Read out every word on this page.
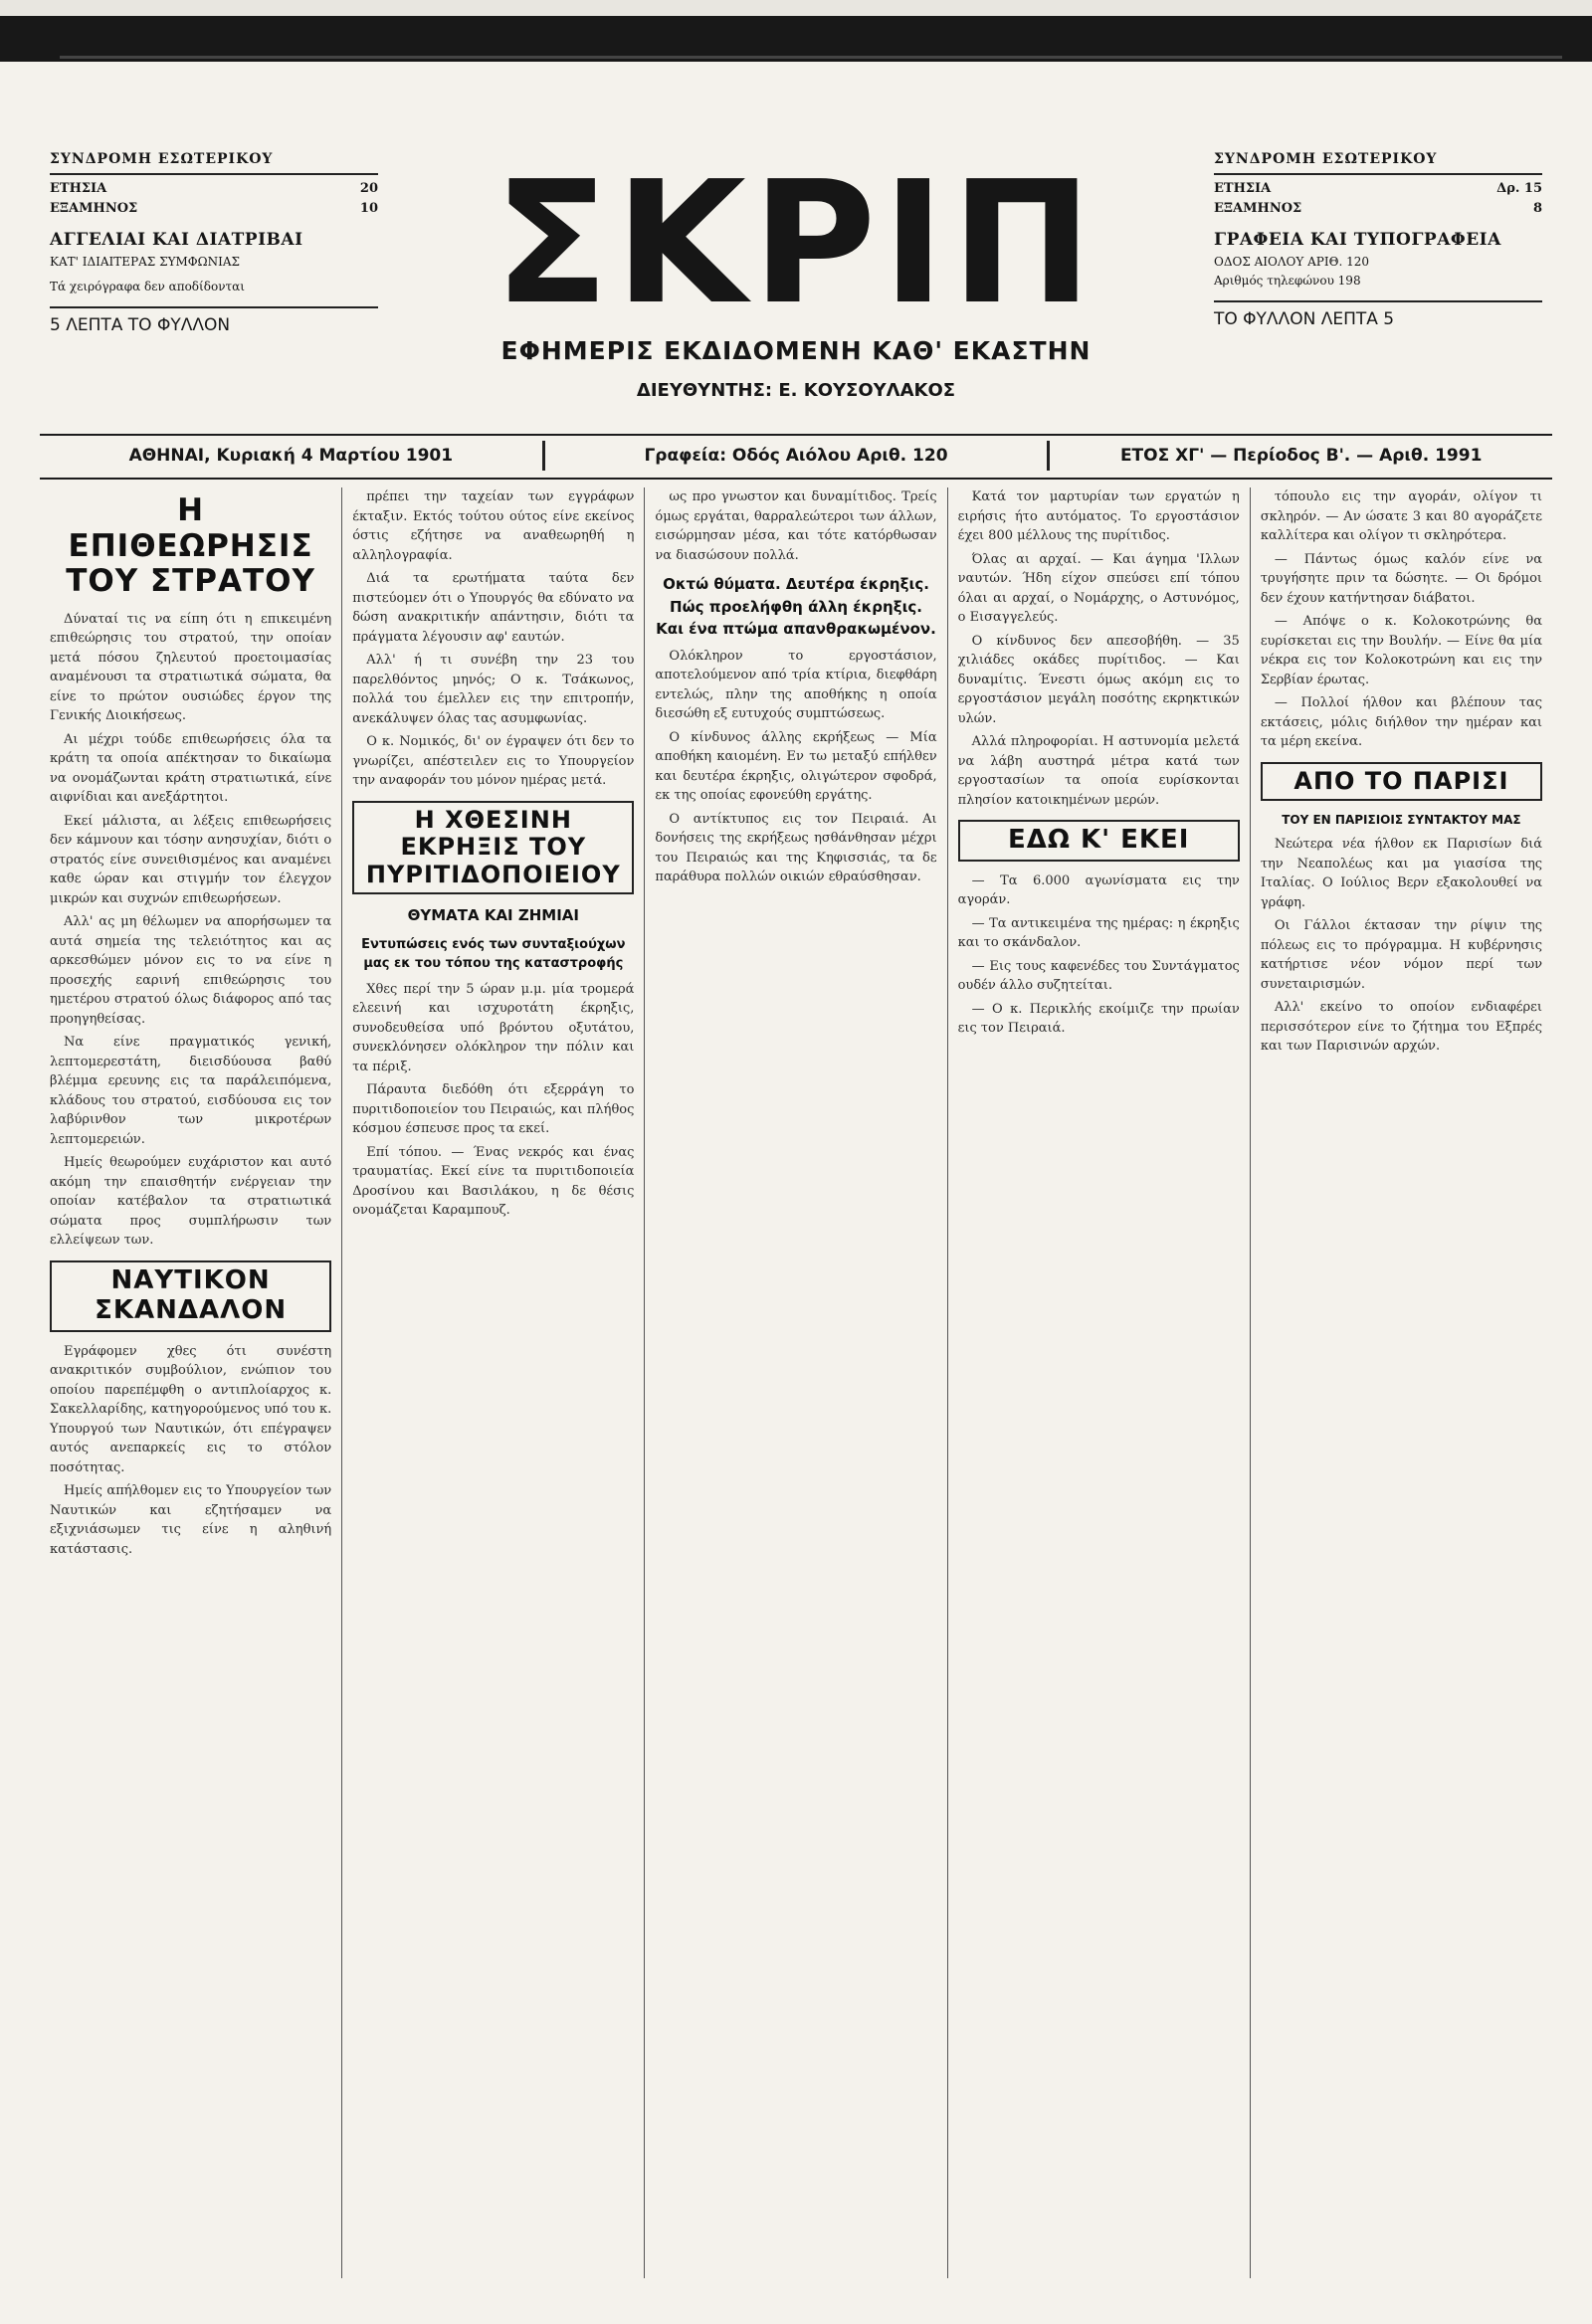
ΣΥΝΔΡΟΜΗ ΕΣΩΤΕΡΙΚΟΥ
ΕΤΗΣΙΑ	20
ΕΞΑΜΗΝΟΣ	10
ΑΓΓΕΛΙΑΙ ΚΑΙ ΔΙΑΤΡΙΒΑΙ
ΚΑΤ' ΙΔΙΑΙΤΕΡΑΣ ΣΥΜΦΩΝΙΑΣ
Τά χειρόγραφα δεν αποδίδονται
5 ΛΕΠΤΑ ΤΟ ΦΥΛΛΟΝ	ΣΚΡΙΠ
ΕΦΗΜΕΡΙΣ ΕΚΔΙΔΟΜΕΝΗ ΚΑΘ' ΕΚΑΣΤΗΝ
ΔΙΕΥΘΥΝΤΗΣ: Ε. ΚΟΥΣΟΥΛΑΚΟΣ
ΣΥΝΔΡΟΜΗ ΕΣΩΤΕΡΙΚΟΥ
ΕΤΗΣΙΑ	Δρ. 15
ΕΞΑΜΗΝΟΣ	8
ΓΡΑΦΕΙΑ ΚΑΙ ΤΥΠΟΓΡΑΦΕΙΑ
ΟΔΟΣ ΑΙΟΛΟΥ ΑΡΙΘ. 120
Αριθμός τηλεφώνου 198
ΤΟ ΦΥΛΛΟΝ ΛΕΠΤΑ 5
ΑΘΗΝΑΙ, Κυριακή 4 Μαρτίου 1901	Γραφεία: Οδός Αιόλου Αριθ. 120	ΕΤΟΣ ΧΓ' — Περίοδος Β'. — Αριθ. 1991
Η ΕΠΙΘΕΩΡΗΣΙΣ ΤΟΥ ΣΤΡΑΤΟΥ

Δύναταί τις να είπη ότι η επικειμένη επιθεώρησις του στρατού, την οποίαν μετά πόσου ζηλευτού προετοιμασίας αναμένουσι τα στρατιωτικά σώματα, θα είνε το πρώτον ουσιώδες έργον της Γενικής Διοικήσεως.

Αι μέχρι τούδε επιθεωρήσεις όλα τα κράτη τα οποία απέκτησαν το δικαίωμα να ονομάζωνται κράτη στρατιωτικά, είνε αιφνίδιαι και ανεξάρτητοι.

Εκεί μάλιστα, αι λέξεις επιθεωρήσεις δεν κάμνουν και τόσην ανησυχίαν, διότι ο στρατός είνε συνειθισμένος και αναμένει καθε ώραν και στιγμήν τον έλεγχον μικρών και συχνών επιθεωρήσεων.

Αλλ' ας μη θέλωμεν να απορήσωμεν τα αυτά σημεία της τελειότητος και ας αρκεσθώμεν μόνον εις το να είνε η προσεχής εαρινή επιθεώρησις του ημετέρου στρατού όλως διάφορος από τας προηγηθείσας.

Να είνε πραγματικός γενική, λεπτομερεστάτη, διεισδύουσα βαθύ βλέμμα ερευνης εις τα παράλειπόμενα, κλάδους του στρατού, εισδύουσα εις τον λαβύρινθον των μικροτέρων λεπτομερειών.

Ημείς θεωρούμεν ευχάριστον και αυτό ακόμη την επαισθητήν ενέργειαν την οποίαν κατέβαλον τα στρατιωτικά σώματα προς συμπλήρωσιν των ελλείψεων των.

ΝΑΥΤΙΚΟΝ ΣΚΑΝΔΑΛΟΝ

Εγράφομεν χθες ότι συνέστη ανακριτικόν συμβούλιον, ενώπιον του οποίου παρεπέμφθη ο αντιπλοίαρχος κ. Σακελλαρίδης, κατηγορούμενος υπό του κ. Υπουργού των Ναυτικών, ότι επέγραψεν αυτός ανεπαρκείς εις το στόλον ποσότητας.

Ημείς απήλθομεν εις το Υπουργείον των Ναυτικών και εζητήσαμεν να εξιχνιάσωμεν τις είνε η αληθινή κατάστασις.

πρέπει την ταχείαν των εγγράφων έκταξιν. Εκτός τούτου ούτος είνε εκείνος όστις εζήτησε να αναθεωρηθή η αλληλογραφία.

Διά τα ερωτήματα ταύτα δεν πιστεύομεν ότι ο Υπουργός θα εδύνατο να δώση ανακριτικήν απάντησιν, διότι τα πράγματα λέγουσιν αφ' εαυτών.

Αλλ' ή τι συνέβη την 23 του παρελθόντος μηνός; Ο κ. Τσάκωνος, πολλά του έμελλεν εις την επιτροπήν, ανεκάλυψεν όλας τας ασυμφωνίας.

Ο κ. Νομικός, δι' ον έγραψεν ότι δεν το γνωρίζει, απέστειλεν εις το Υπουργείον την αναφοράν του μόνον ημέρας μετά.

Η ΧΘΕΣΙΝΗ ΕΚΡΗΞΙΣ ΤΟΥ ΠΥΡΙΤΙΔΟΠΟΙΕΙΟΥ
ΘΥΜΑΤΑ ΚΑΙ ΖΗΜΙΑΙ
Εντυπώσεις ενός των συνταξιούχων μας εκ του τόπου της καταστροφής

Χθες περί την 5 ώραν μ.μ. μία τρομερά ελεεινή και ισχυροτάτη έκρηξις, συνοδευθείσα υπό βρόντου οξυτάτου, συνεκλόνησεν ολόκληρον την πόλιν και τα πέριξ.

Πάραυτα διεδόθη ότι εξερράγη το πυριτιδοποιείον του Πειραιώς, και πλήθος κόσμου έσπευσε προς τα εκεί.

Επί τόπου. — Ένας νεκρός και ένας τραυματίας. Εκεί είνε τα πυριτιδοποιεία Δροσίνου και Βασιλάκου, η δε θέσις ονομάζεται Καραμπουζ.

ως προ γνωστον και δυναμίτιδος. Τρείς όμως εργάται, θαρραλεώτεροι των άλλων, εισώρμησαν μέσα, και τότε κατόρθωσαν να διασώσουν πολλά.

Οκτώ θύματα. Δευτέρα έκρηξις. Πώς προελήφθη άλλη έκρηξις. Και ένα πτώμα απανθρακωμένον.

Ολόκληρον το εργοστάσιον, αποτελούμενον από τρία κτίρια, διεφθάρη εντελώς, πλην της αποθήκης η οποία διεσώθη εξ ευτυχούς συμπτώσεως.

Ο κίνδυνος άλλης εκρήξεως — Μία αποθήκη καιομένη. Εν τω μεταξύ επήλθεν και δευτέρα έκρηξις, ολιγώτερον σφοδρά, εκ της οποίας εφονεύθη εργάτης.

Ο αντίκτυπος εις τον Πειραιά. Αι δονήσεις της εκρήξεως ησθάνθησαν μέχρι του Πειραιώς και της Κηφισσιάς, τα δε παράθυρα πολλών οικιών εθραύσθησαν.

Κατά τον μαρτυρίαν των εργατών η ειρήσις ήτο αυτόματος. Το εργοστάσιον έχει 800 μέλλους της πυρίτιδος.

Όλας αι αρχαί. — Και άγημα 'Ιλλων ναυτών. Ήδη είχον σπεύσει επί τόπου όλαι αι αρχαί, ο Νομάρχης, ο Αστυνόμος, ο Εισαγγελεύς.

Ο κίνδυνος δεν απεσοβήθη. — 35 χιλιάδες οκάδες πυρίτιδος. — Και δυναμίτις. Ένεστι όμως ακόμη εις το εργοστάσιον μεγάλη ποσότης εκρηκτικών υλών.

Αλλά πληροφορίαι. Η αστυνομία μελετά να λάβη αυστηρά μέτρα κατά των εργοστασίων τα οποία ευρίσκονται πλησίον κατοικημένων μερών.

ΕΔΩ Κ' ΕΚΕΙ

— Τα 6.000 αγωνίσματα εις την αγοράν.

— Τα αντικειμένα της ημέρας: η έκρηξις και το σκάνδαλον.

— Εις τους καφενέδες του Συντάγματος ουδέν άλλο συζητείται.

— Ο κ. Περικλής εκοίμιζε την πρωίαν εις τον Πειραιά.

τόπουλο εις την αγοράν, ολίγον τι σκληρόν. — Αν ώσατε 3 και 80 αγοράζετε καλλίτερα και ολίγον τι σκληρότερα.

— Πάντως όμως καλόν είνε να τρυγήσητε πριν τα δώσητε. — Οι δρόμοι δεν έχουν κατήντησαν διάβατοι.

— Απόψε ο κ. Κολοκοτρώνης θα ευρίσκεται εις την Βουλήν. — Είνε θα μία νέκρα εις τον Κολοκοτρώνη και εις την Σερβίαν έρωτας.

— Πολλοί ήλθον και βλέπουν τας εκτάσεις, μόλις διήλθον την ημέραν και τα μέρη εκείνα.

ΑΠΟ ΤΟ ΠΑΡΙΣΙ
ΤΟΥ ΕΝ ΠΑΡΙΣΙΟΙΣ ΣΥΝΤΑΚΤΟΥ ΜΑΣ

Νεώτερα νέα ήλθον εκ Παρισίων διά την Νεαπολέως και μα γιασίσα της Ιταλίας. Ο Ιούλιος Βερν εξακολουθεί να γράφη.

Οι Γάλλοι έκτασαν την ρίψιν της πόλεως εις το πρόγραμμα. Η κυβέρνησις κατήρτισε νέον νόμον περί των συνεταιρισμών.

Αλλ' εκείνο το οποίον ενδιαφέρει περισσότερον είνε το ζήτημα του Εξπρές και των Παρισινών αρχών.
